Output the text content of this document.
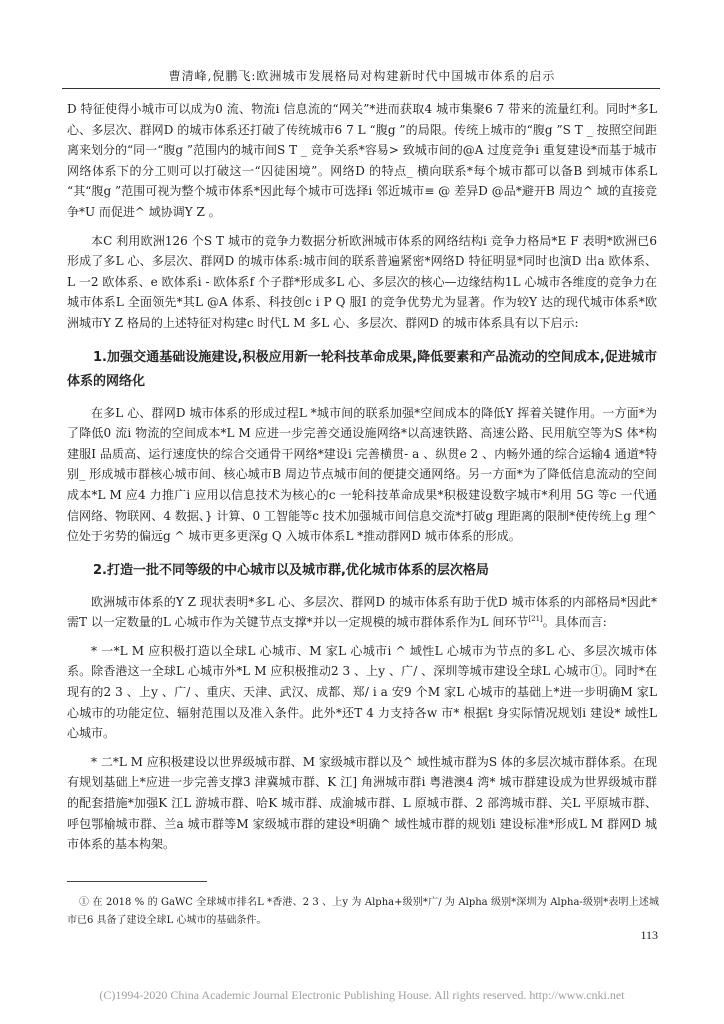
曹清峰,倪鹏飞:欧洲城市发展格局对构建新时代中国城市体系的启示

D 特征使得小城市可以成为0 流、物流i 信息流的“网关”*进而获取4 城市集聚6 7 带来的流量红利。同时*多L 心、多层次、群网D 的城市体系还打破了传统城市6 7 L “腹g ”的局限。传统上城市的“腹g ”S T _ 按照空间距离来划分的“同一“腹g ”范围内的城市间S T _ 竞争关系*容易> 致城市间的@A 过度竞争i 重复建设*而基于城市网络体系下的分工则可以打破这一“囚徒困境”。网络D 的特点_ 横向联系*每个城市都可以备B 到城市体系L “其“腹g ”范围可视为整个城市体系*因此每个城市可选择i 邻近城市≡ @ 差异D @品*避开B 周边^ 域的直接竞争*U 而促进^ 域协调Y Z 。

本C 利用欧洲126 个S T 城市的竞争力数据分析欧洲城市体系的网络结构i 竞争力格局*E F 表明*欧洲已6 形成了多L 心、多层次、群网D 的城市体系:城市间的联系普遍紧密*网络D 特征明显*同时也演D 出a 欧体系、L 一2 欧体系、e 欧体系i - 欧体系f 个子群*形成多L 心、多层次的核心—边缘结构1L 心城市各维度的竞争力在城市体系L 全面领先*其L @A 体系、科技创c i P Q 服I 的竞争优势尤为显著。作为较Y 达的现代城市体系*欧洲城市Y Z 格局的上述特征对构建c 时代L M 多L 心、多层次、群网D 的城市体系具有以下启示:

1.加强交通基础设施建设,积极应用新一轮科技革命成果,降低要素和产品流动的空间成本,促进城市体系的网络化

在多L 心、群网D 城市体系的形成过程L *城市间的联系加强*空间成本的降低Y 挥着关键作用。一方面*为了降低0 流i 物流的空间成本*L M 应进一步完善交通设施网络*以高速铁路、高速公路、民用航空等为S 体*构建服I 品质高、运行速度快的综合交通骨干网络*建设i 完善横贯- a 、纵贯e 2 、内畅外通的综合运输4 通道*特别_ 形成城市群核心城市间、核心城市B 周边节点城市间的便捷交通网络。另一方面*为了降低信息流动的空间成本*L M 应4 力推广i 应用以信息技术为核心的c 一轮科技革命成果*积极建设数字城市*利用 5G 等c 一代通信网络、物联网、4 数据、} 计算、0 工智能等c 技术加强城市间信息交流*打破g 理距离的限制*使传统上g 理^ 位处于劣势的偏远g ^ 城市更多更深g Q 入城市体系L *推动群网D 城市体系的形成。

2.打造一批不同等级的中心城市以及城市群,优化城市体系的层次格局

欧洲城市体系的Y Z 现状表明*多L 心、多层次、群网D 的城市体系有助于优D 城市体系的内部格局*因此*需T 以一定数量的L 心城市作为关键节点支撑*并以一定规模的城市群体系作为L 间环节[21]。具体而言:

* 一*L M 应积极打造以全球L 心城市、M 家L 心城市i ^ 域性L 心城市为节点的多L 心、多层次城市体系。除香港这一全球L 心城市外*L M 应积极推动2 3 、上y 、广/ 、深圳等城市建设全球L 心城市①。同时*在现有的2 3 、上y 、广/ 、重庆、天津、武汉、成都、郑/ i a 安9 个M 家L 心城市的基础上*进一步明确M 家L 心城市的功能定位、辐射范围以及准入条件。此外*还T 4 力支持各w 市* 根据t 身实际情况规划i 建设* 域性L 心城市。

* 二*L M 应积极建设以世界级城市群、M 家级城市群以及^ 域性城市群为S 体的多层次城市群体系。在现有规划基础上*应进一步完善支撑3 津冀城市群、K 江] 角洲城市群i 粤港澳4 湾* 城市群建设成为世界级城市群的配套措施*加强K 江L 游城市群、哈K 城市群、成渝城市群、L 原城市群、2 部湾城市群、关L 平原城市群、呼包鄂榆城市群、兰a 城市群等M 家级城市群的建设*明确^ 域性城市群的规划i 建设标准*形成L M 群网D 城市体系的基本构架。

① 在 2018 % 的 GaWC 全球城市排名L *香港、2 3 、上y 为 Alpha+级别*广/ 为 Alpha 级别*深圳为 Alpha-级别*表明上述城市已6 具备了建设全球L 心城市的基础条件。

113
(C)1994-2020 China Academic Journal Electronic Publishing House. All rights reserved. http://www.cnki.net
